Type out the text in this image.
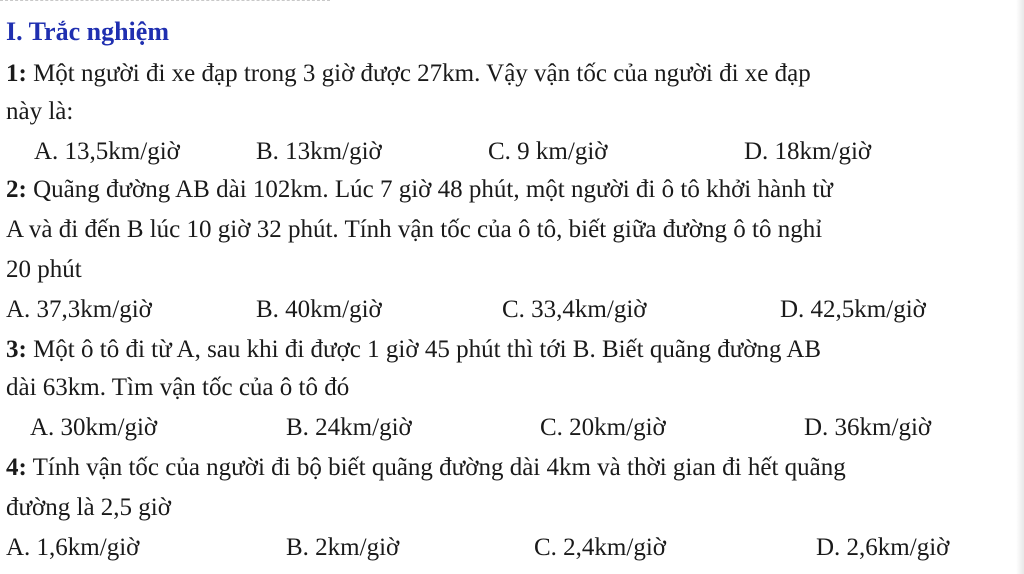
I. Trắc nghiệm
1: Một người đi xe đạp trong 3 giờ được 27km. Vậy vận tốc của người đi xe đạp
này là:
A. 13,5km/giờ	B. 13km/giờ	C. 9 km/giờ	D. 18km/giờ
2: Quãng đường AB dài 102km. Lúc 7 giờ 48 phút, một người đi ô tô khởi hành từ
A và đi đến B lúc 10 giờ 32 phút. Tính vận tốc của ô tô, biết giữa đường ô tô nghỉ
20 phút
A. 37,3km/giờ	B. 40km/giờ	C. 33,4km/giờ	D. 42,5km/giờ
3: Một ô tô đi từ A, sau khi đi được 1 giờ 45 phút thì tới B. Biết quãng đường AB
dài 63km. Tìm vận tốc của ô tô đó
A. 30km/giờ	B. 24km/giờ	C. 20km/giờ	D. 36km/giờ
4: Tính vận tốc của người đi bộ biết quãng đường dài 4km và thời gian đi hết quãng
đường là 2,5 giờ
A. 1,6km/giờ	B. 2km/giờ	C. 2,4km/giờ	D. 2,6km/giờ
